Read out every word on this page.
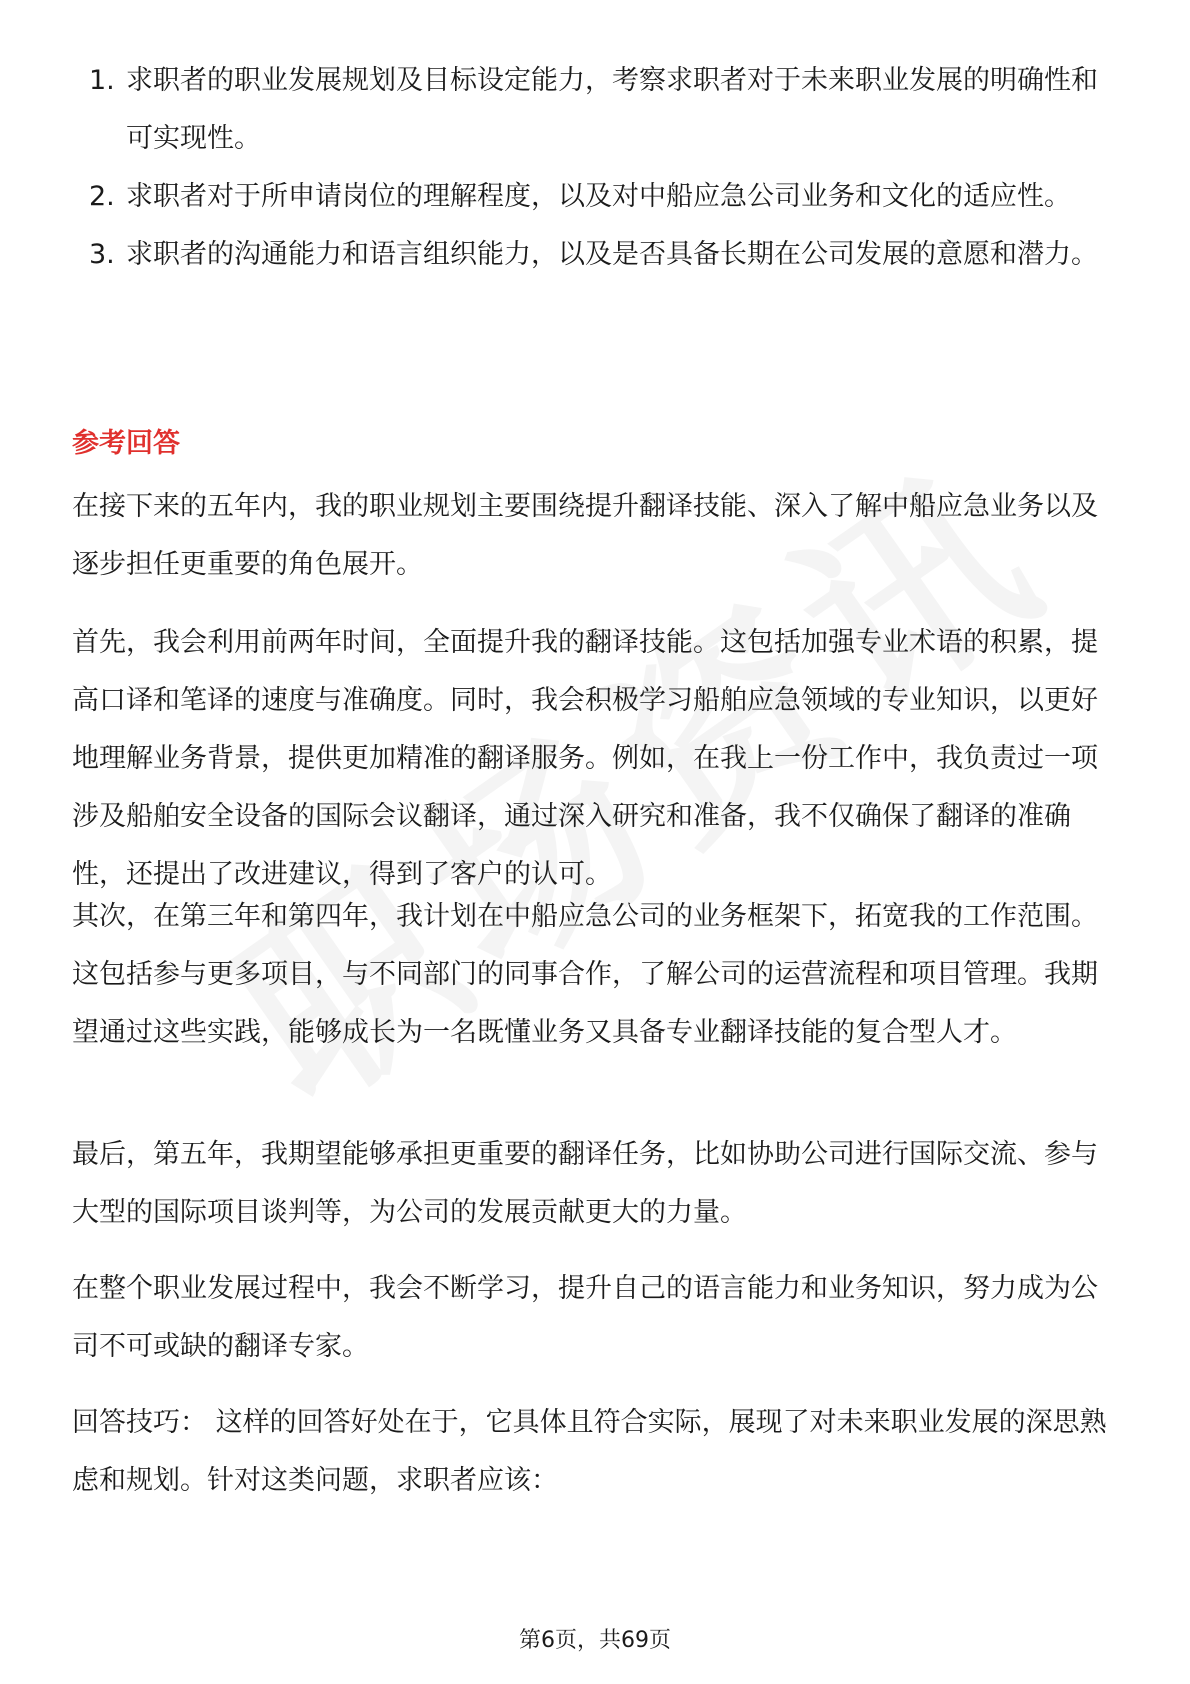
1. 求职者的职业发展规划及目标设定能力，考察求职者对于未来职业发展的明确性和可实现性。
2. 求职者对于所申请岗位的理解程度，以及对中船应急公司业务和文化的适应性。
3. 求职者的沟通能力和语言组织能力，以及是否具备长期在公司发展的意愿和潜力。
参考回答

在接下来的五年内，我的职业规划主要围绕提升翻译技能、深入了解中船应急业务以及逐步担任更重要的角色展开。

首先，我会利用前两年时间，全面提升我的翻译技能。这包括加强专业术语的积累，提高口译和笔译的速度与准确度。同时，我会积极学习船舶应急领域的专业知识，以更好地理解业务背景，提供更加精准的翻译服务。例如，在我上一份工作中，我负责过一项涉及船舶安全设备的国际会议翻译，通过深入研究和准备，我不仅确保了翻译的准确性，还提出了改进建议，得到了客户的认可。

其次，在第三年和第四年，我计划在中船应急公司的业务框架下，拓宽我的工作范围。这包括参与更多项目，与不同部门的同事合作，了解公司的运营流程和项目管理。我期望通过这些实践，能够成长为一名既懂业务又具备专业翻译技能的复合型人才。

最后，第五年，我期望能够承担更重要的翻译任务，比如协助公司进行国际交流、参与大型的国际项目谈判等，为公司的发展贡献更大的力量。

在整个职业发展过程中，我会不断学习，提升自己的语言能力和业务知识，努力成为公司不可或缺的翻译专家。

回答技巧： 这样的回答好处在于，它具体且符合实际，展现了对未来职业发展的深思熟虑和规划。针对这类问题，求职者应该：

第6页，共69页
